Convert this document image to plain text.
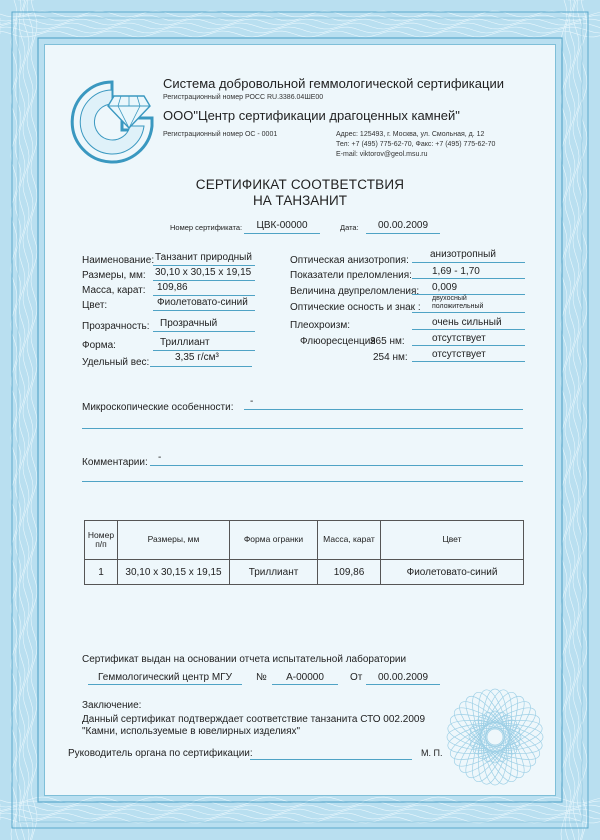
Система добровольной геммологической сертификации
Регистрационный номер РОСС RU.3386.04ШЕ00
ООО"Центр сертификации драгоценных камней"
Регистрационный номер ОС - 0001	Адрес: 125493, г. Москва, ул. Смольная, д. 12
Тел: +7 (495) 775-62-70, Факс: +7 (495) 775-62-70
E-mail: viktorov@geol.msu.ru
СЕРТИФИКАТ СООТВЕТСТВИЯ
НА ТАНЗАНИТ
Номер сертификата:	ЦВК-00000	Дата:	00.00.2009
Наименование: Танзанит природный
Размеры, мм: 30,10 x 30,15 x 19,15
Масса, карат: 109,86
Цвет:	Фиолетовато-синий
Прозрачность: Прозрачный
Форма:	Триллиант
Удельный вес:	3,35 г/см³
Оптическая анизотропия:
анизотропный
Показатели преломления: 1,69 - 1,70
Величина двупреломления: 0,009
Оптические осность и знак :
двухосный
положительный
Плеохроизм:	очень сильный
Флюоресценция
365 нм:	отсутствует
254 нм: отсутствует
Микроскопические особенности:
-
Комментарии: -
Номер п/п	Размеры, мм	Форма огранки	Масса, карат	Цвет
1	30,10 x 30,15 x 19,15	Триллиант	109,86	Фиолетовато-синий
Сертификат выдан на основании отчета испытательной лаборатории
Геммологический центр МГУ	№	А-00000	От	00.00.2009
Заключение:
Данный сертификат подтверждает соответствие танзанита СТО 002.2009
"Камни, используемые в ювелирных изделиях"
Руководитель органа по сертификации:	М. П.
